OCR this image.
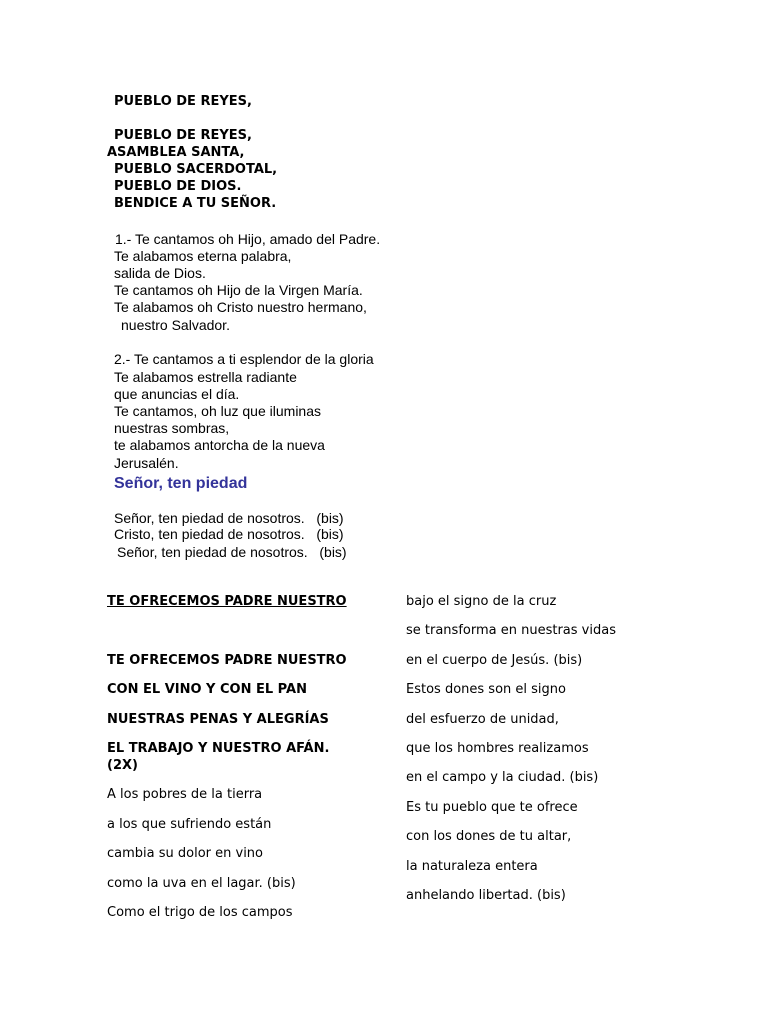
PUEBLO DE REYES,
PUEBLO DE REYES,
ASAMBLEA SANTA,
PUEBLO SACERDOTAL,
PUEBLO DE DIOS.
BENDICE A TU SEÑOR.
1.- Te cantamos oh Hijo, amado del Padre.
Te alabamos eterna palabra,
salida de Dios.
Te cantamos oh Hijo de la Virgen María.
Te alabamos oh Cristo nuestro hermano,
nuestro Salvador.
2.- Te cantamos a ti esplendor de la gloria
Te alabamos estrella radiante
que anuncias el día.
Te cantamos, oh luz que iluminas
nuestras sombras,
te alabamos antorcha de la nueva
Jerusalén.
Señor, ten piedad
Señor, ten piedad de nosotros.   (bis)
Cristo, ten piedad de nosotros.   (bis)
Señor, ten piedad de nosotros.   (bis)
TE OFRECEMOS PADRE NUESTRO
TE OFRECEMOS PADRE NUESTRO
CON EL VINO Y CON EL PAN
NUESTRAS PENAS Y ALEGRÍAS
EL TRABAJO Y NUESTRO AFÁN.
(2X)
A los pobres de la tierra
a los que sufriendo están
cambia su dolor en vino
como la uva en el lagar. (bis)
Como el trigo de los campos
bajo el signo de la cruz
se transforma en nuestras vidas
en el cuerpo de Jesús. (bis)
Estos dones son el signo
del esfuerzo de unidad,
que los hombres realizamos
en el campo y la ciudad. (bis)
Es tu pueblo que te ofrece
con los dones de tu altar,
la naturaleza entera
anhelando libertad. (bis)
